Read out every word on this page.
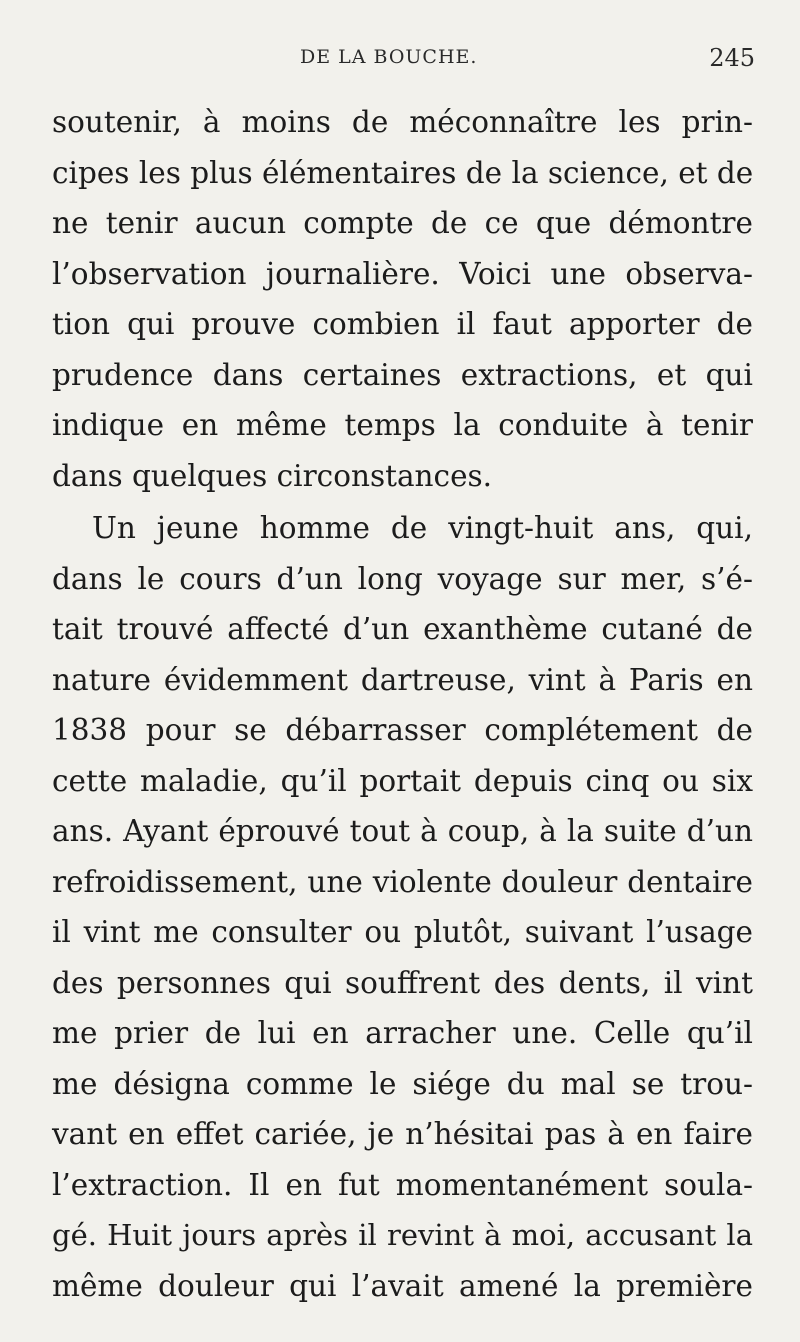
DE LA BOUCHE.	245
soutenir, à moins de méconnaître les prin-
cipes les plus élémentaires de la science, et de
ne tenir aucun compte de ce que démontre
l’observation journalière. Voici une observa-
tion qui prouve combien il faut apporter de
prudence dans certaines extractions, et qui
indique en même temps la conduite à tenir
dans quelques circonstances.
Un jeune homme de vingt-huit ans, qui,
dans le cours d’un long voyage sur mer, s’é-
tait trouvé affecté d’un exanthème cutané de
nature évidemment dartreuse, vint à Paris en
1838 pour se débarrasser complétement de
cette maladie, qu’il portait depuis cinq ou six
ans. Ayant éprouvé tout à coup, à la suite d’un
refroidissement, une violente douleur dentaire
il vint me consulter ou plutôt, suivant l’usage
des personnes qui souffrent des dents, il vint
me prier de lui en arracher une. Celle qu’il
me désigna comme le siége du mal se trou-
vant en effet cariée, je n’hésitai pas à en faire
l’extraction. Il en fut momentanément soula-
gé. Huit jours après il revint à moi, accusant la
même douleur qui l’avait amené la première
